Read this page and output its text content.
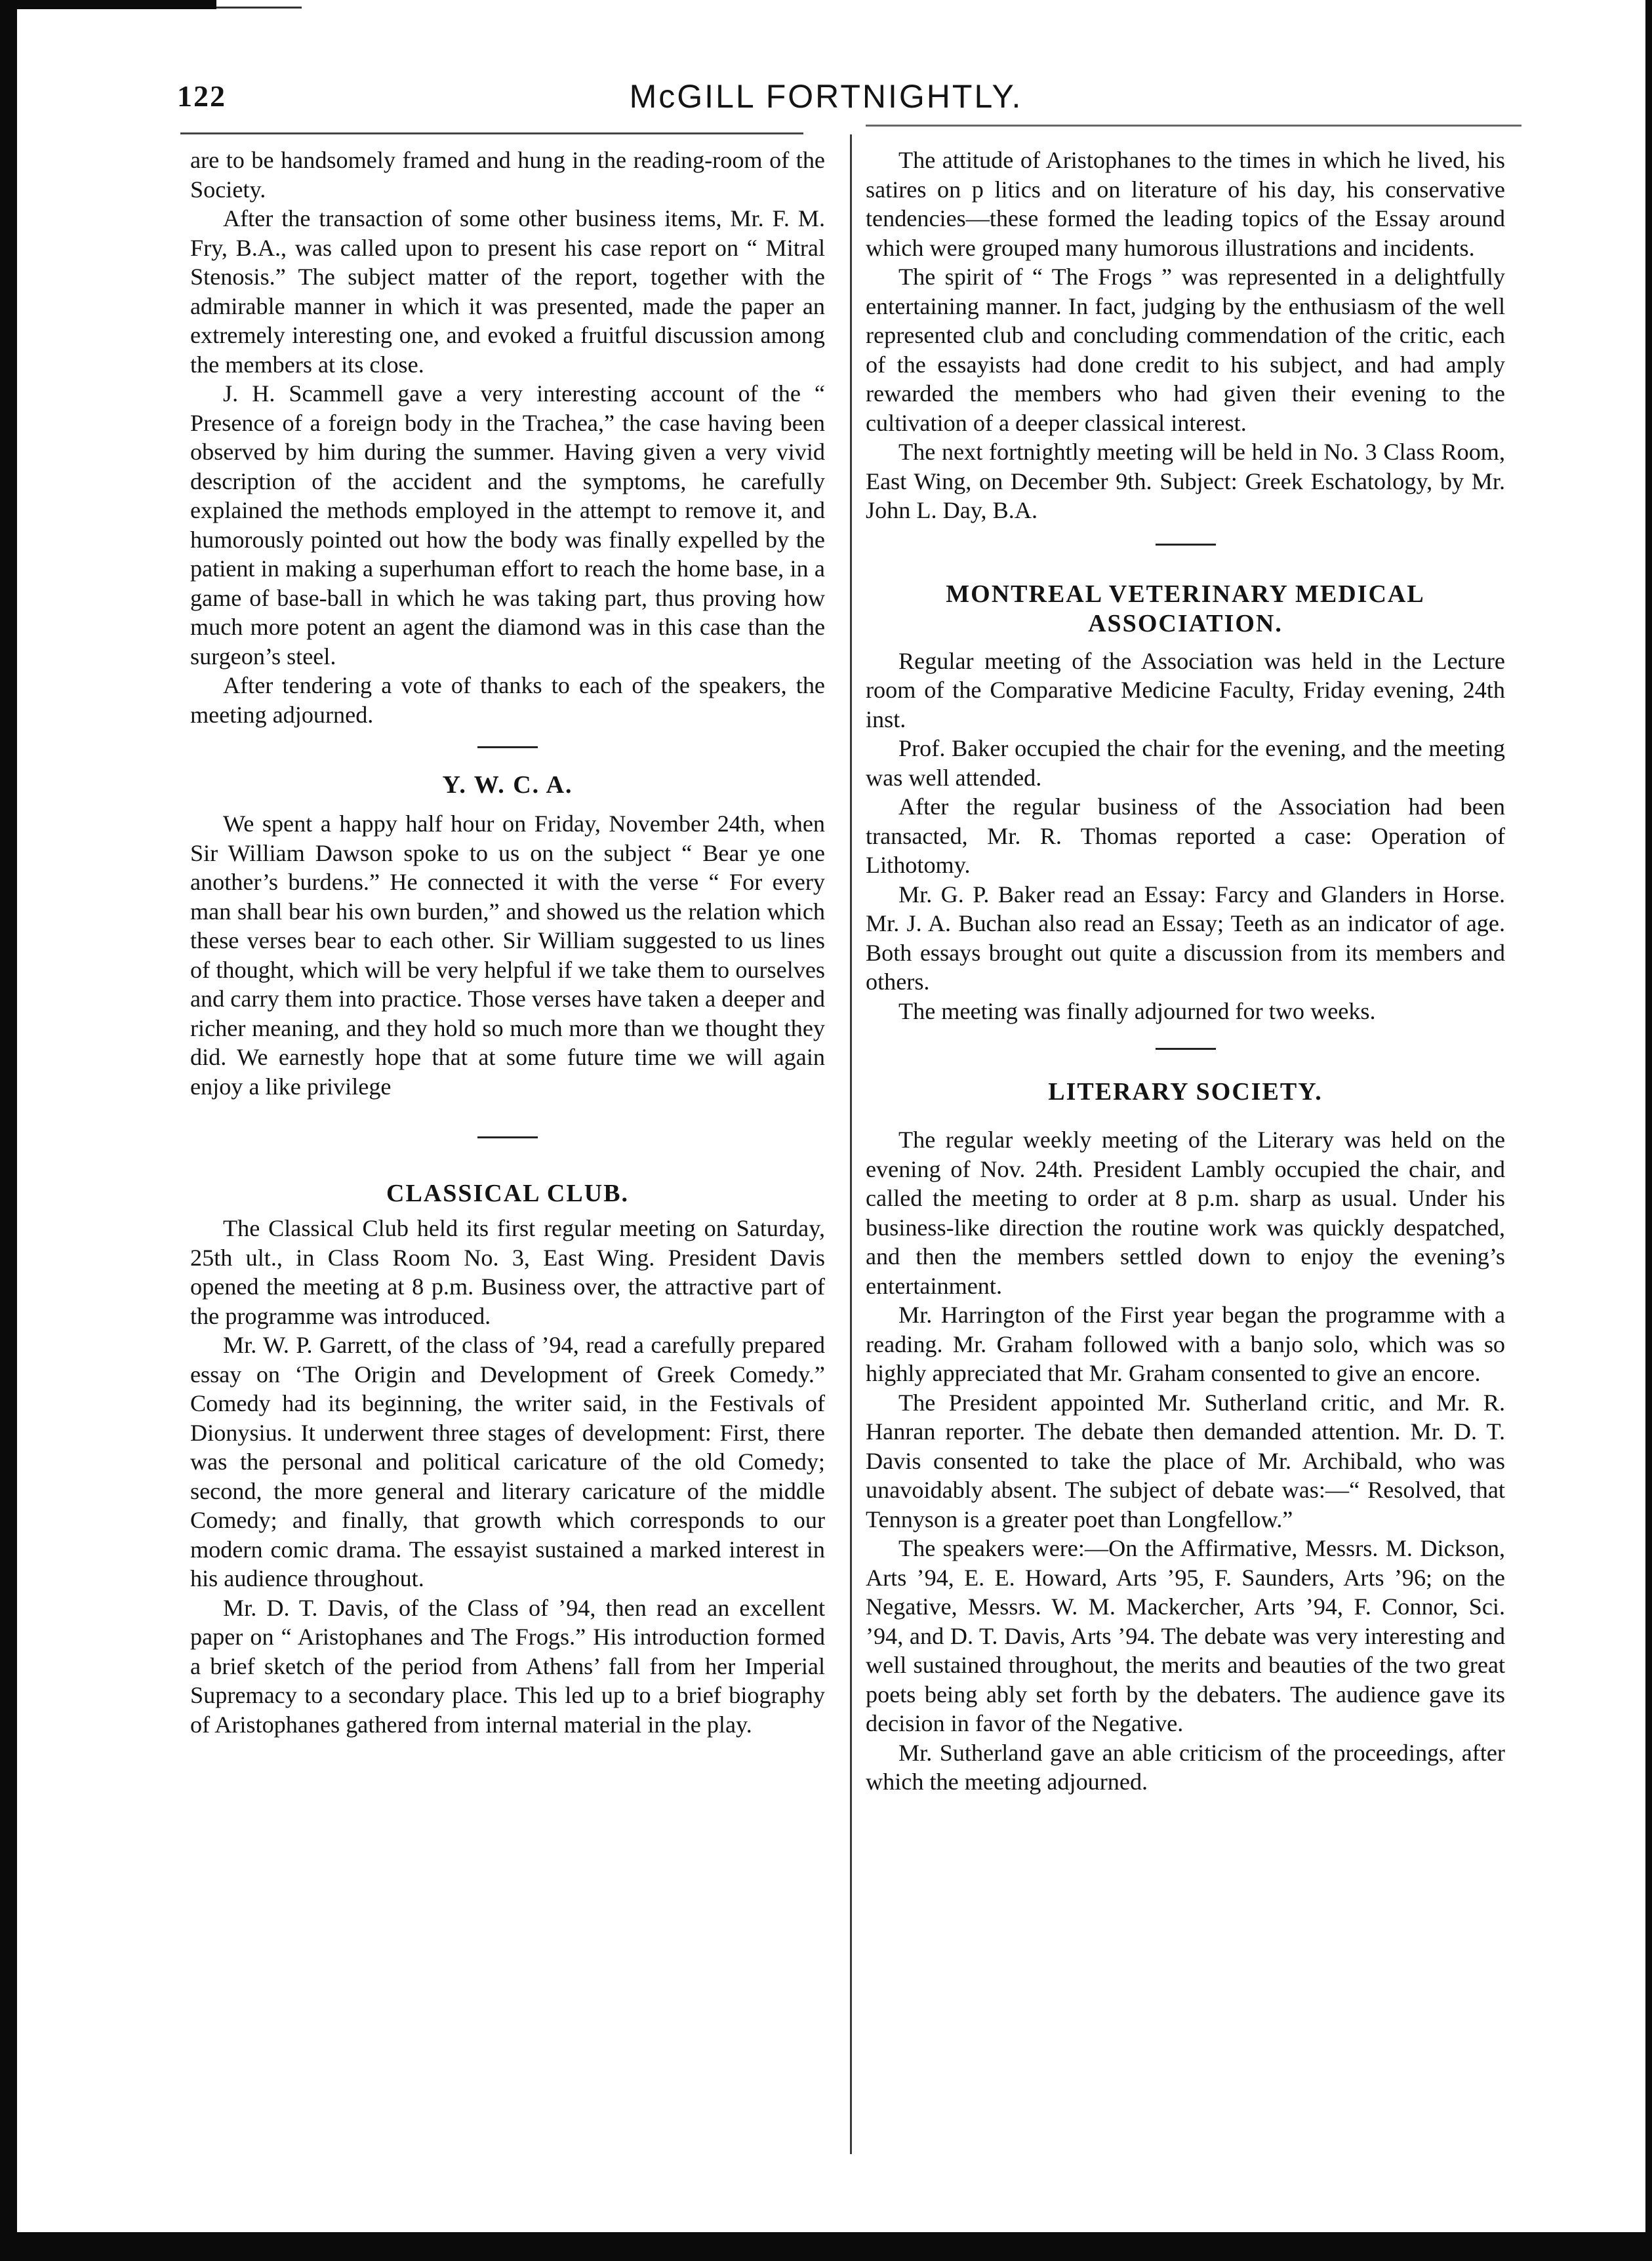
122	McGILL FORTNIGHTLY.

are to be handsomely framed and hung in the reading-room of the Society.

After the transaction of some other business items, Mr. F. M. Fry, B.A., was called upon to present his case report on “ Mitral Stenosis.” The subject matter of the report, together with the admirable manner in which it was presented, made the paper an extremely interesting one, and evoked a fruitful discussion among the members at its close.

J. H. Scammell gave a very interesting account of the “ Presence of a foreign body in the Trachea,” the case having been observed by him during the summer. Having given a very vivid description of the accident and the symptoms, he carefully explained the methods employed in the attempt to remove it, and humorously pointed out how the body was finally expelled by the patient in making a superhuman effort to reach the home base, in a game of base-ball in which he was taking part, thus proving how much more potent an agent the diamond was in this case than the surgeon’s steel.

After tendering a vote of thanks to each of the speakers, the meeting adjourned.

Y. W. C. A.

We spent a happy half hour on Friday, November 24th, when Sir William Dawson spoke to us on the subject “ Bear ye one another’s burdens.” He connected it with the verse “ For every man shall bear his own burden,” and showed us the relation which these verses bear to each other. Sir William suggested to us lines of thought, which will be very helpful if we take them to ourselves and carry them into practice. Those verses have taken a deeper and richer meaning, and they hold so much more than we thought they did. We earnestly hope that at some future time we will again enjoy a like privilege

CLASSICAL CLUB.

The Classical Club held its first regular meeting on Saturday, 25th ult., in Class Room No. 3, East Wing. President Davis opened the meeting at 8 p.m. Business over, the attractive part of the programme was introduced.

Mr. W. P. Garrett, of the class of ’94, read a carefully prepared essay on ‘The Origin and Development of Greek Comedy.” Comedy had its beginning, the writer said, in the Festivals of Dionysius. It underwent three stages of development: First, there was the personal and political caricature of the old Comedy; second, the more general and literary caricature of the middle Comedy; and finally, that growth which corresponds to our modern comic drama. The essayist sustained a marked interest in his audience throughout.

Mr. D. T. Davis, of the Class of ’94, then read an excellent paper on “ Aristophanes and The Frogs.” His introduction formed a brief sketch of the period from Athens’ fall from her Imperial Supremacy to a secondary place. This led up to a brief biography of Aristophanes gathered from internal material in the play.

The attitude of Aristophanes to the times in which he lived, his satires on p litics and on literature of his day, his conservative tendencies—these formed the leading topics of the Essay around which were grouped many humorous illustrations and incidents.

The spirit of “ The Frogs ” was represented in a delightfully entertaining manner. In fact, judging by the enthusiasm of the well represented club and concluding commendation of the critic, each of the essayists had done credit to his subject, and had amply rewarded the members who had given their evening to the cultivation of a deeper classical interest.

The next fortnightly meeting will be held in No. 3 Class Room, East Wing, on December 9th. Subject: Greek Eschatology, by Mr. John L. Day, B.A.

MONTREAL VETERINARY MEDICAL
ASSOCIATION.

Regular meeting of the Association was held in the Lecture room of the Comparative Medicine Faculty, Friday evening, 24th inst.

Prof. Baker occupied the chair for the evening, and the meeting was well attended.

After the regular business of the Association had been transacted, Mr. R. Thomas reported a case: Operation of Lithotomy.

Mr. G. P. Baker read an Essay: Farcy and Glanders in Horse. Mr. J. A. Buchan also read an Essay; Teeth as an indicator of age. Both essays brought out quite a discussion from its members and others.

The meeting was finally adjourned for two weeks.

LITERARY SOCIETY.

The regular weekly meeting of the Literary was held on the evening of Nov. 24th. President Lambly occupied the chair, and called the meeting to order at 8 p.m. sharp as usual. Under his business-like direction the routine work was quickly despatched, and then the members settled down to enjoy the evening’s entertainment.

Mr. Harrington of the First year began the programme with a reading. Mr. Graham followed with a banjo solo, which was so highly appreciated that Mr. Graham consented to give an encore.

The President appointed Mr. Sutherland critic, and Mr. R. Hanran reporter. The debate then demanded attention. Mr. D. T. Davis consented to take the place of Mr. Archibald, who was unavoidably absent. The subject of debate was:—“ Resolved, that Tennyson is a greater poet than Longfellow.”

The speakers were:—On the Affirmative, Messrs. M. Dickson, Arts ’94, E. E. Howard, Arts ’95, F. Saunders, Arts ’96; on the Negative, Messrs. W. M. Mackercher, Arts ’94, F. Connor, Sci. ’94, and D. T. Davis, Arts ’94. The debate was very interesting and well sustained throughout, the merits and beauties of the two great poets being ably set forth by the debaters. The audience gave its decision in favor of the Negative.

Mr. Sutherland gave an able criticism of the proceedings, after which the meeting adjourned.
